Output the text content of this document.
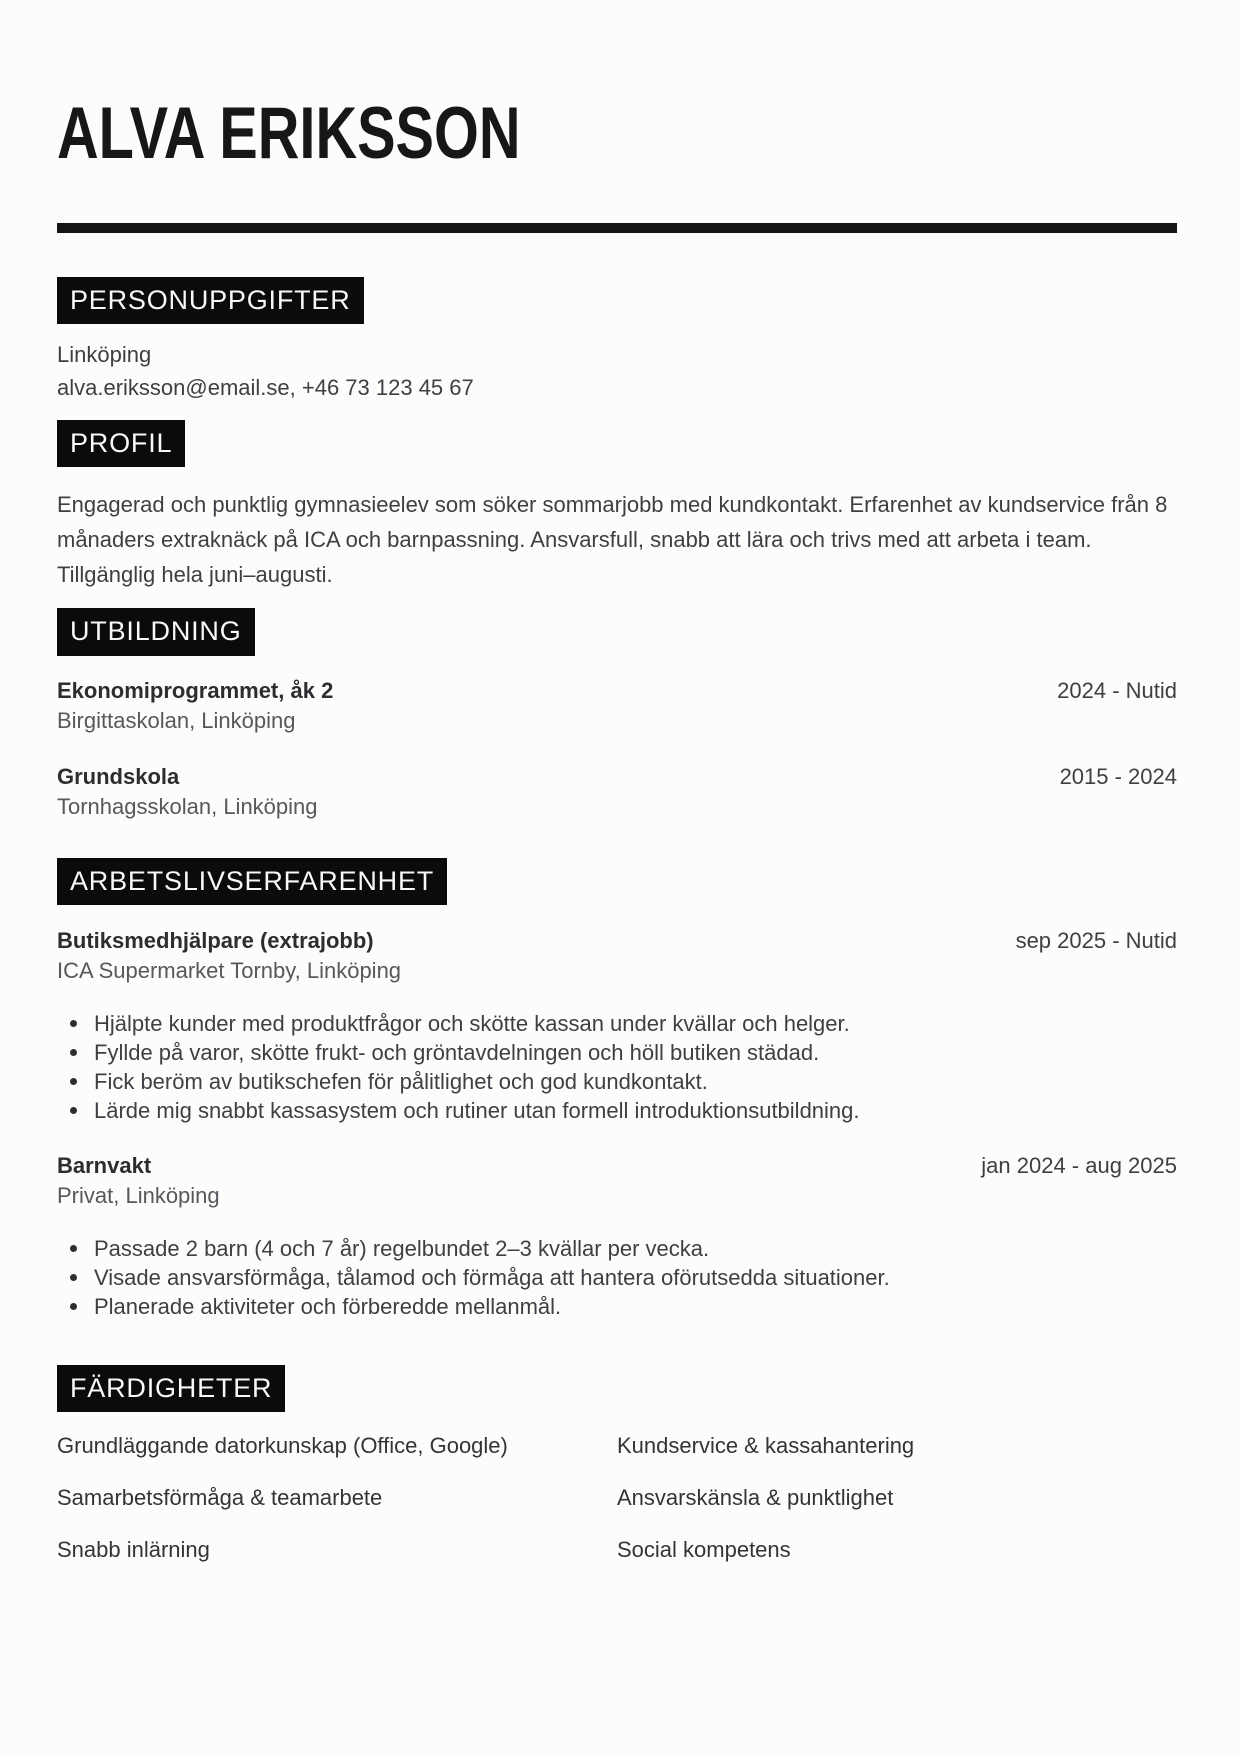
ALVA ERIKSSON
PERSONUPPGIFTER
Linköping
alva.eriksson@email.se, +46 73 123 45 67
PROFIL

Engagerad och punktlig gymnasieelev som söker sommarjobb med kundkontakt. Erfarenhet av kundservice från 8 månaders extraknäck på ICA och barnpassning. Ansvarsfull, snabb att lära och trivs med att arbeta i team. Tillgänglig hela juni–augusti.

UTBILDNING
Ekonomiprogrammet, åk 2	2024 - Nutid
Birgittaskolan, Linköping
Grundskola	2015 - 2024
Tornhagsskolan, Linköping
ARBETSLIVSERFARENHET
Butiksmedhjälpare (extrajobb)	sep 2025 - Nutid
ICA Supermarket Tornby, Linköping
Hjälpte kunder med produktfrågor och skötte kassan under kvällar och helger.
Fyllde på varor, skötte frukt- och gröntavdelningen och höll butiken städad.
Fick beröm av butikschefen för pålitlighet och god kundkontakt.
Lärde mig snabbt kassasystem och rutiner utan formell introduktionsutbildning.
Barnvakt	jan 2024 - aug 2025
Privat, Linköping
Passade 2 barn (4 och 7 år) regelbundet 2–3 kvällar per vecka.
Visade ansvarsförmåga, tålamod och förmåga att hantera oförutsedda situationer.
Planerade aktiviteter och förberedde mellanmål.
FÄRDIGHETER
Grundläggande datorkunskap (Office, Google)	Kundservice & kassahantering
Samarbetsförmåga & teamarbete	Ansvarskänsla & punktlighet
Snabb inlärning	Social kompetens
